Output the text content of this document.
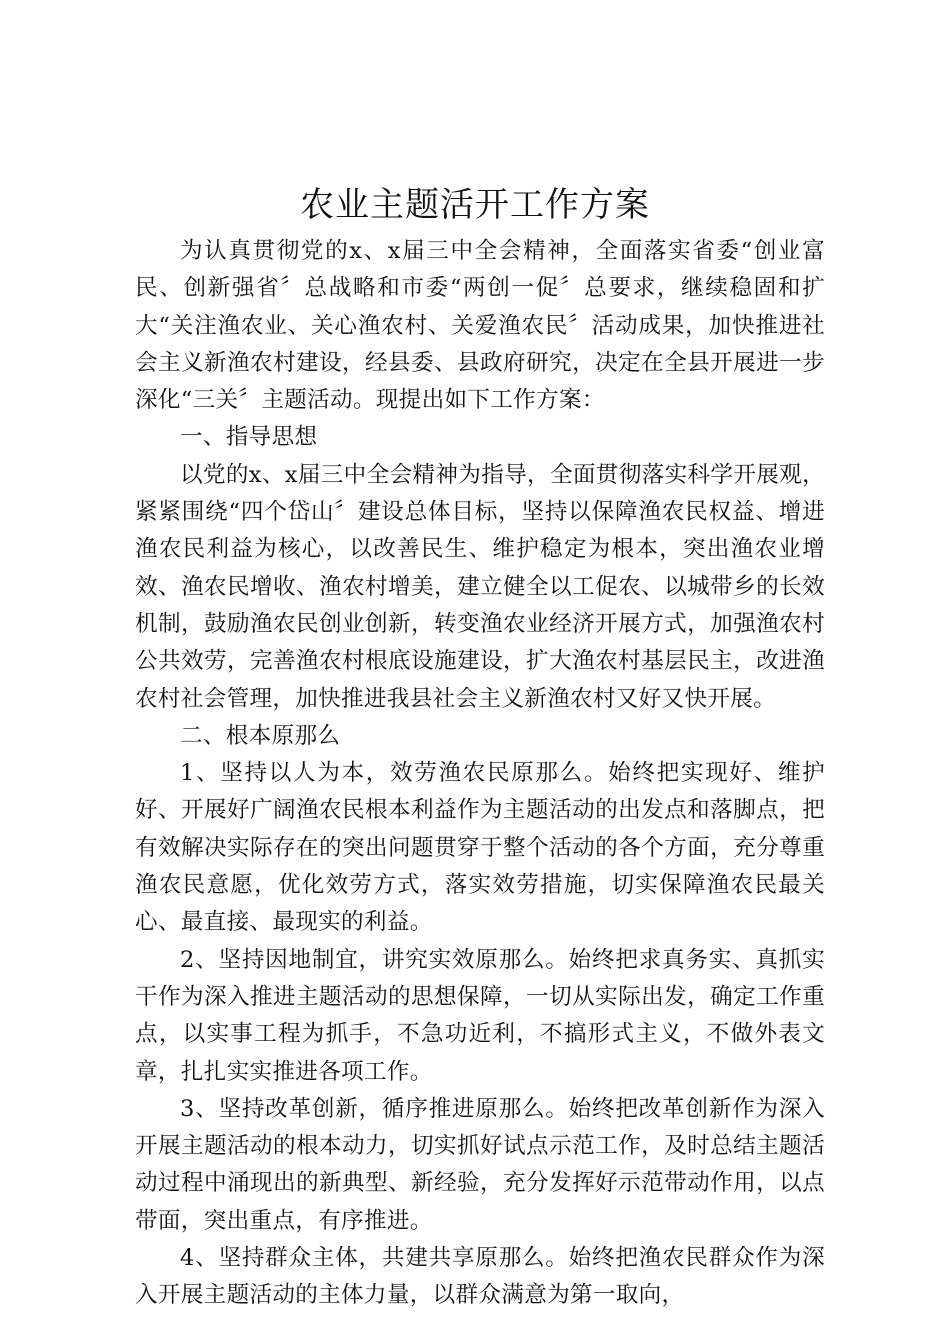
农业主题活开工作方案

为认真贯彻党的x、x届三中全会精神，全面落实省委“创业富民、创新强省〞总战略和市委“两创一促〞总要求，继续稳固和扩大“关注渔农业、关心渔农村、关爱渔农民〞活动成果，加快推进社会主义新渔农村建设，经县委、县政府研究，决定在全县开展进一步深化“三关〞主题活动。现提出如下工作方案：

一、指导思想

以党的x、x届三中全会精神为指导，全面贯彻落实科学开展观，紧紧围绕“四个岱山〞建设总体目标，坚持以保障渔农民权益、增进渔农民利益为核心，以改善民生、维护稳定为根本，突出渔农业增效、渔农民增收、渔农村增美，建立健全以工促农、以城带乡的长效机制，鼓励渔农民创业创新，转变渔农业经济开展方式，加强渔农村公共效劳，完善渔农村根底设施建设，扩大渔农村基层民主，改进渔农村社会管理，加快推进我县社会主义新渔农村又好又快开展。

二、根本原那么

1、坚持以人为本，效劳渔农民原那么。始终把实现好、维护好、开展好广阔渔农民根本利益作为主题活动的出发点和落脚点，把有效解决实际存在的突出问题贯穿于整个活动的各个方面，充分尊重渔农民意愿，优化效劳方式，落实效劳措施，切实保障渔农民最关心、最直接、最现实的利益。

2、坚持因地制宜，讲究实效原那么。始终把求真务实、真抓实干作为深入推进主题活动的思想保障，一切从实际出发，确定工作重点，以实事工程为抓手，不急功近利，不搞形式主义，不做外表文章，扎扎实实推进各项工作。

3、坚持改革创新，循序推进原那么。始终把改革创新作为深入开展主题活动的根本动力，切实抓好试点示范工作，及时总结主题活动过程中涌现出的新典型、新经验，充分发挥好示范带动作用，以点带面，突出重点，有序推进。

4、坚持群众主体，共建共享原那么。始终把渔农民群众作为深入开展主题活动的主体力量，以群众满意为第一取向，
